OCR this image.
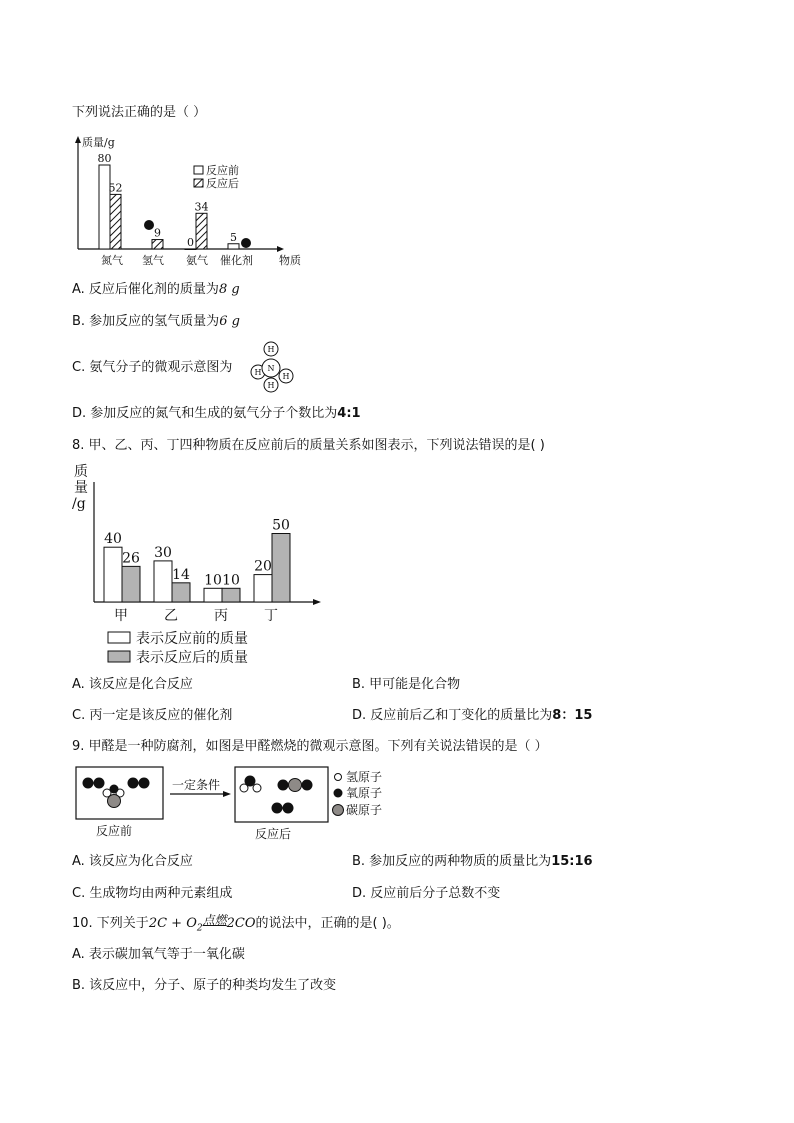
下列说法正确的是（ ）
质量/g
物质
反应前
反应后
80
0	5
52
9
34
氮气 氢气 氨气 催化剂
A. 反应后催化剂的质量为8 g
B. 参加反应的氢气质量为6 g
C. 氨气分子的微观示意图为
H
H	H
H
N
D. 参加反应的氮气和生成的氨气分子个数比为4:1
8. 甲、乙、丙、丁四种物质在反应前后的质量关系如图表示，下列说法错误的是( )
质
量
/g
40
30
10
20
26
14 10
50
甲	乙	丙	丁
表示反应前的质量
表示反应后的质量
A. 该反应是化合反应	B. 甲可能是化合物
C. 丙一定是该反应的催化剂	D. 反应前后乙和丁变化的质量比为8：15
9. 甲醛是一种防腐剂，如图是甲醛燃烧的微观示意图。下列有关说法错误的是（ ）
反应前
一定条件
反应后
氢原子
氧原子
碳原子
A. 该反应为化合反应	B. 参加反应的两种物质的质量比为15:16
C. 生成物均由两种元素组成	D. 反应前后分子总数不变
10. 下列关于$2C + O_2$点燃2CO的说法中，正确的是( )。
A. 表示碳加氧气等于一氧化碳
B. 该反应中，分子、原子的种类均发生了改变
